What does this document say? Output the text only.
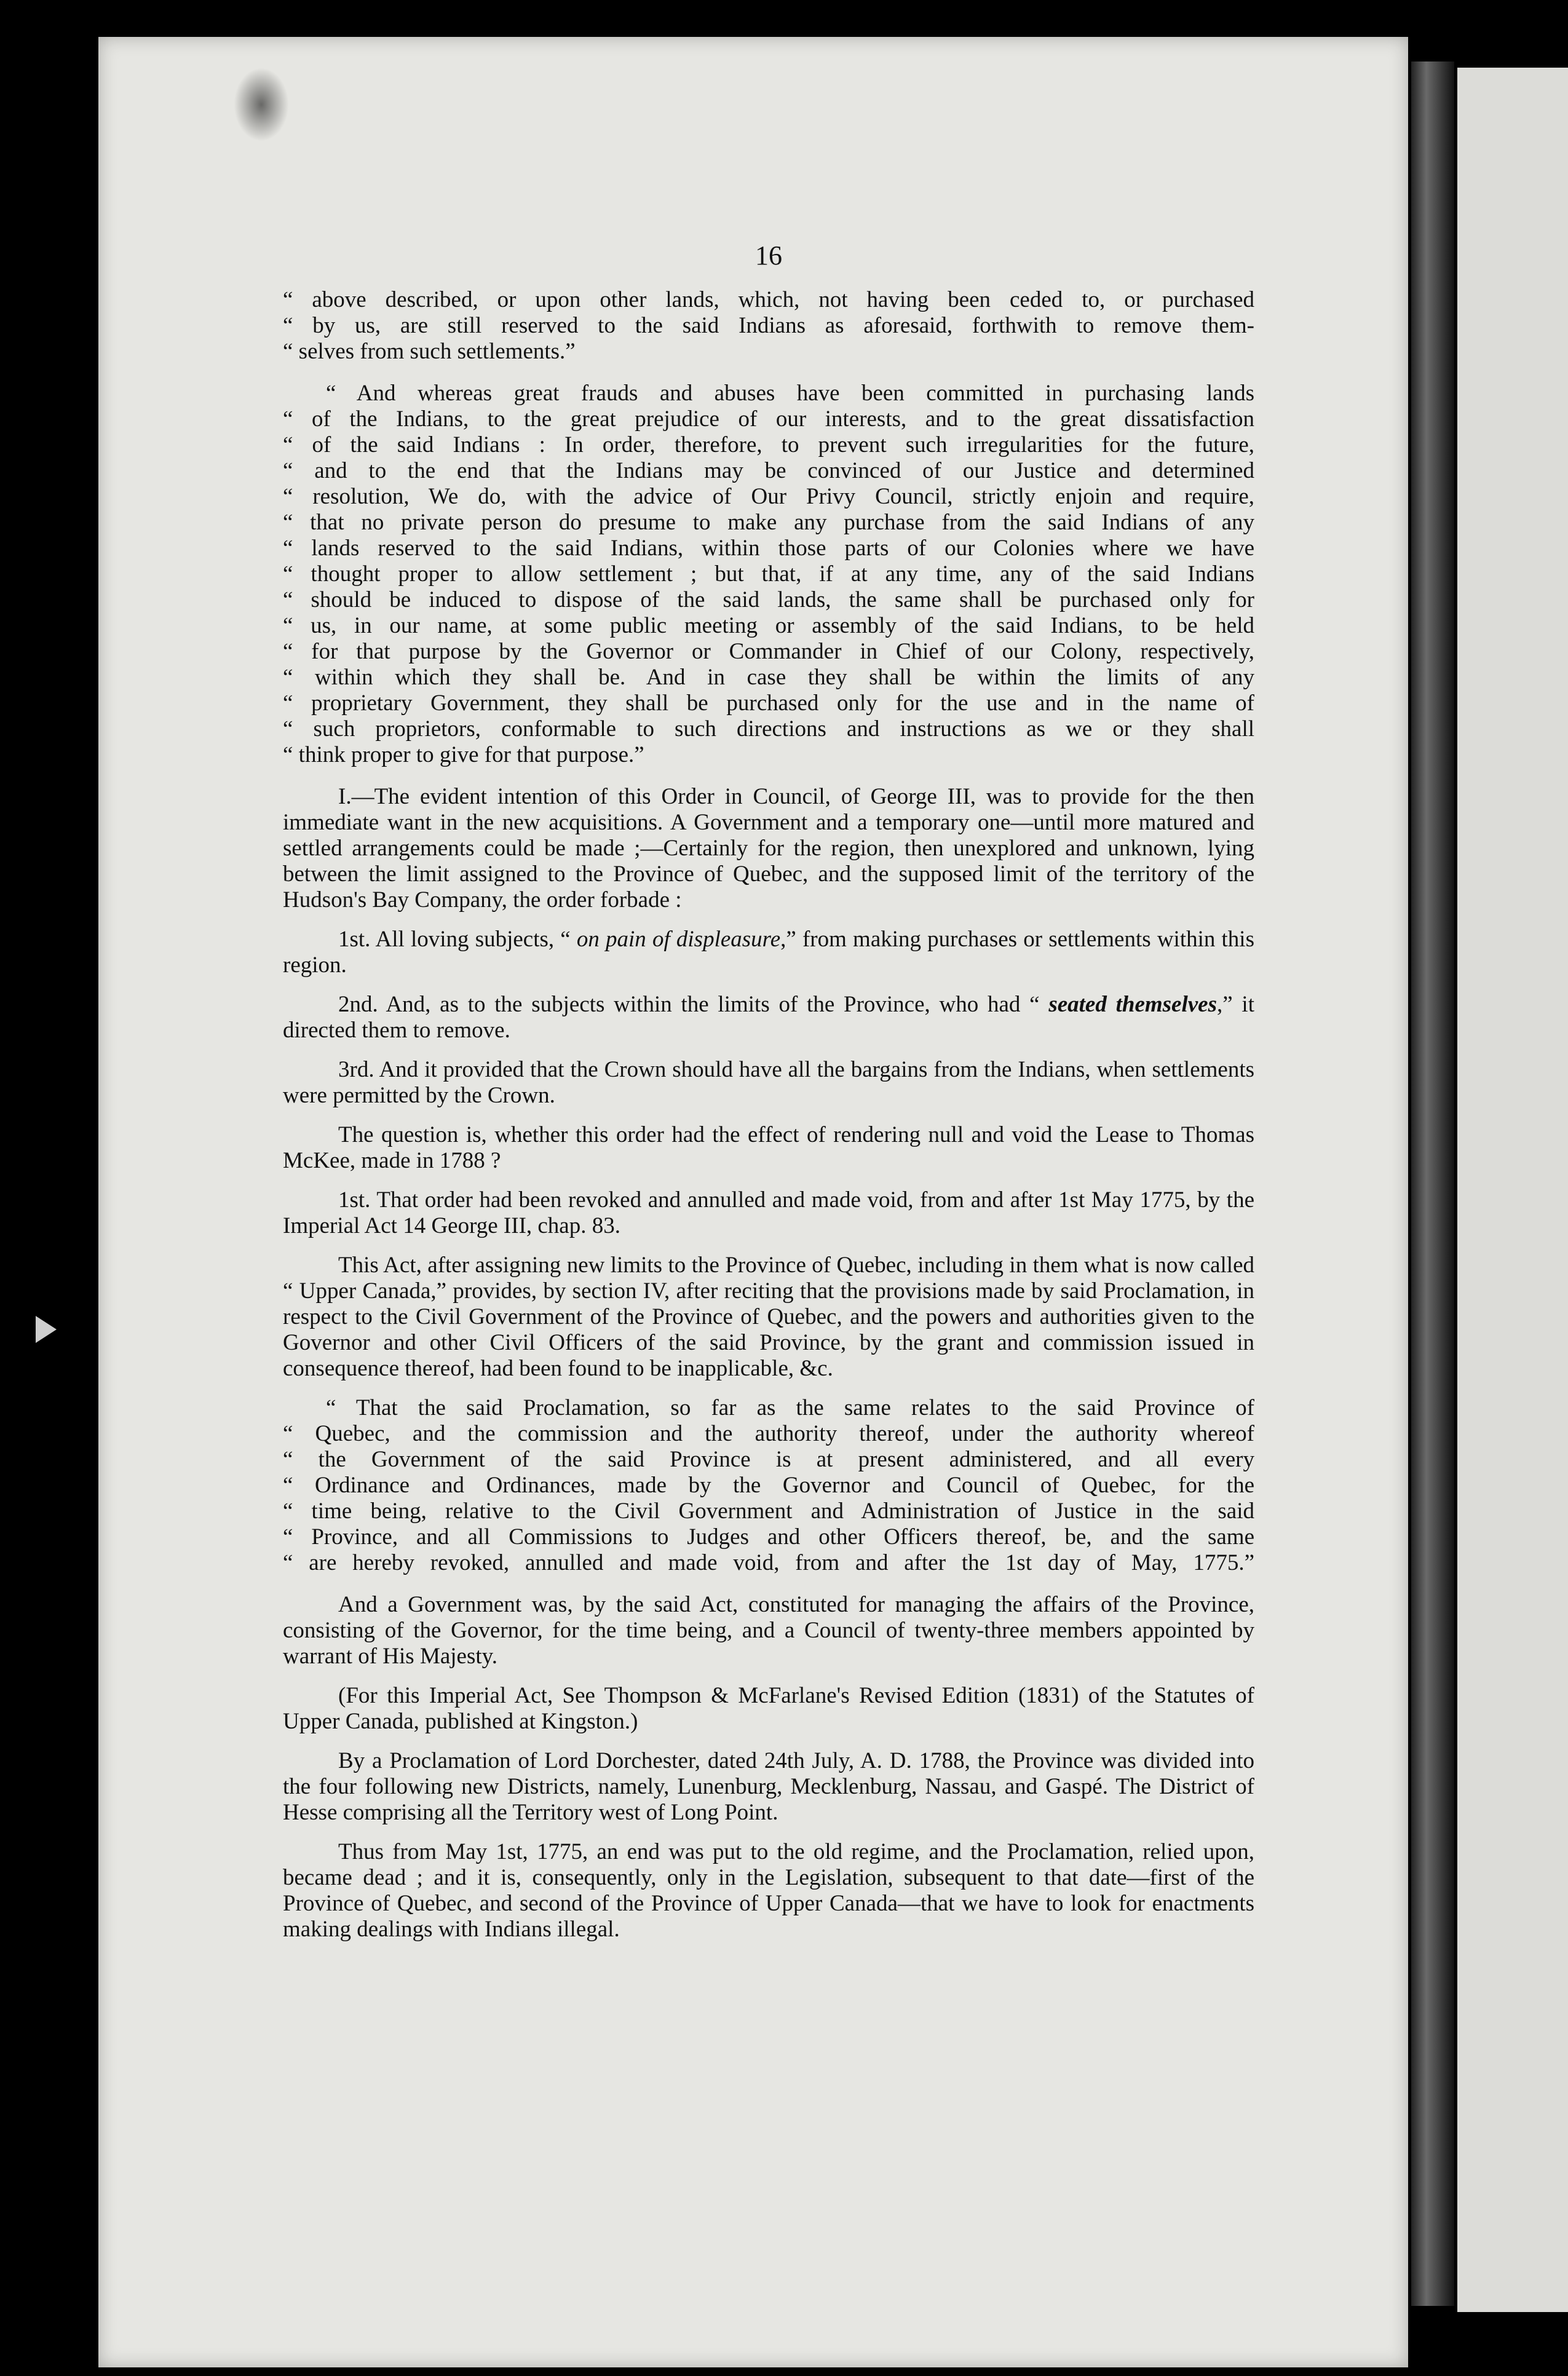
16
“ above described, or upon other lands, which, not having been ceded to, or purchased
“ by us, are still reserved to the said Indians as aforesaid, forthwith to remove them-
“ selves from such settlements.”
“ And whereas great frauds and abuses have been committed in purchasing lands
“ of the Indians, to the great prejudice of our interests, and to the great dissatisfaction
“ of the said Indians : In order, therefore, to prevent such irregularities for the future,
“ and to the end that the Indians may be convinced of our Justice and determined
“ resolution, We do, with the advice of Our Privy Council, strictly enjoin and require,
“ that no private person do presume to make any purchase from the said Indians of any
“ lands reserved to the said Indians, within those parts of our Colonies where we have
“ thought proper to allow settlement ; but that, if at any time, any of the said Indians
“ should be induced to dispose of the said lands, the same shall be purchased only for
“ us, in our name, at some public meeting or assembly of the said Indians, to be held
“ for that purpose by the Governor or Commander in Chief of our Colony, respectively,
“ within which they shall be. And in case they shall be within the limits of any
“ proprietary Government, they shall be purchased only for the use and in the name of
“ such proprietors, conformable to such directions and instructions as we or they shall
“ think proper to give for that purpose.”

I.—The evident intention of this Order in Council, of George III, was to provide for the then immediate want in the new acquisitions. A Government and a temporary one—until more matured and settled arrangements could be made ;—Certainly for the region, then unexplored and unknown, lying between the limit assigned to the Province of Quebec, and the supposed limit of the territory of the Hudson's Bay Company, the order forbade :

1st. All loving subjects, “ on pain of displeasure,” from making purchases or settlements within this region.

2nd. And, as to the subjects within the limits of the Province, who had “ seated themselves,” it directed them to remove.

3rd. And it provided that the Crown should have all the bargains from the Indians, when settlements were permitted by the Crown.

The question is, whether this order had the effect of rendering null and void the Lease to Thomas McKee, made in 1788 ?

1st. That order had been revoked and annulled and made void, from and after 1st May 1775, by the Imperial Act 14 George III, chap. 83.

This Act, after assigning new limits to the Province of Quebec, including in them what is now called “ Upper Canada,” provides, by section IV, after reciting that the provisions made by said Proclamation, in respect to the Civil Government of the Province of Quebec, and the powers and authorities given to the Governor and other Civil Officers of the said Province, by the grant and commission issued in consequence thereof, had been found to be inapplicable, &c.

“ That the said Proclamation, so far as the same relates to the said Province of
“ Quebec, and the commission and the authority thereof, under the authority whereof
“ the Government of the said Province is at present administered, and all every
“ Ordinance and Ordinances, made by the Governor and Council of Quebec, for the
“ time being, relative to the Civil Government and Administration of Justice in the said
“ Province, and all Commissions to Judges and other Officers thereof, be, and the same
“ are hereby revoked, annulled and made void, from and after the 1st day of May, 1775.”

And a Government was, by the said Act, constituted for managing the affairs of the Province, consisting of the Governor, for the time being, and a Council of twenty-three members appointed by warrant of His Majesty.

(For this Imperial Act, See Thompson & McFarlane's Revised Edition (1831) of the Statutes of Upper Canada, published at Kingston.)

By a Proclamation of Lord Dorchester, dated 24th July, A. D. 1788, the Province was divided into the four following new Districts, namely, Lunenburg, Mecklenburg, Nassau, and Gaspé. The District of Hesse comprising all the Territory west of Long Point.

Thus from May 1st, 1775, an end was put to the old regime, and the Proclamation, relied upon, became dead ; and it is, consequently, only in the Legislation, subsequent to that date—first of the Province of Quebec, and second of the Province of Upper Canada—that we have to look for enactments making dealings with Indians illegal.
